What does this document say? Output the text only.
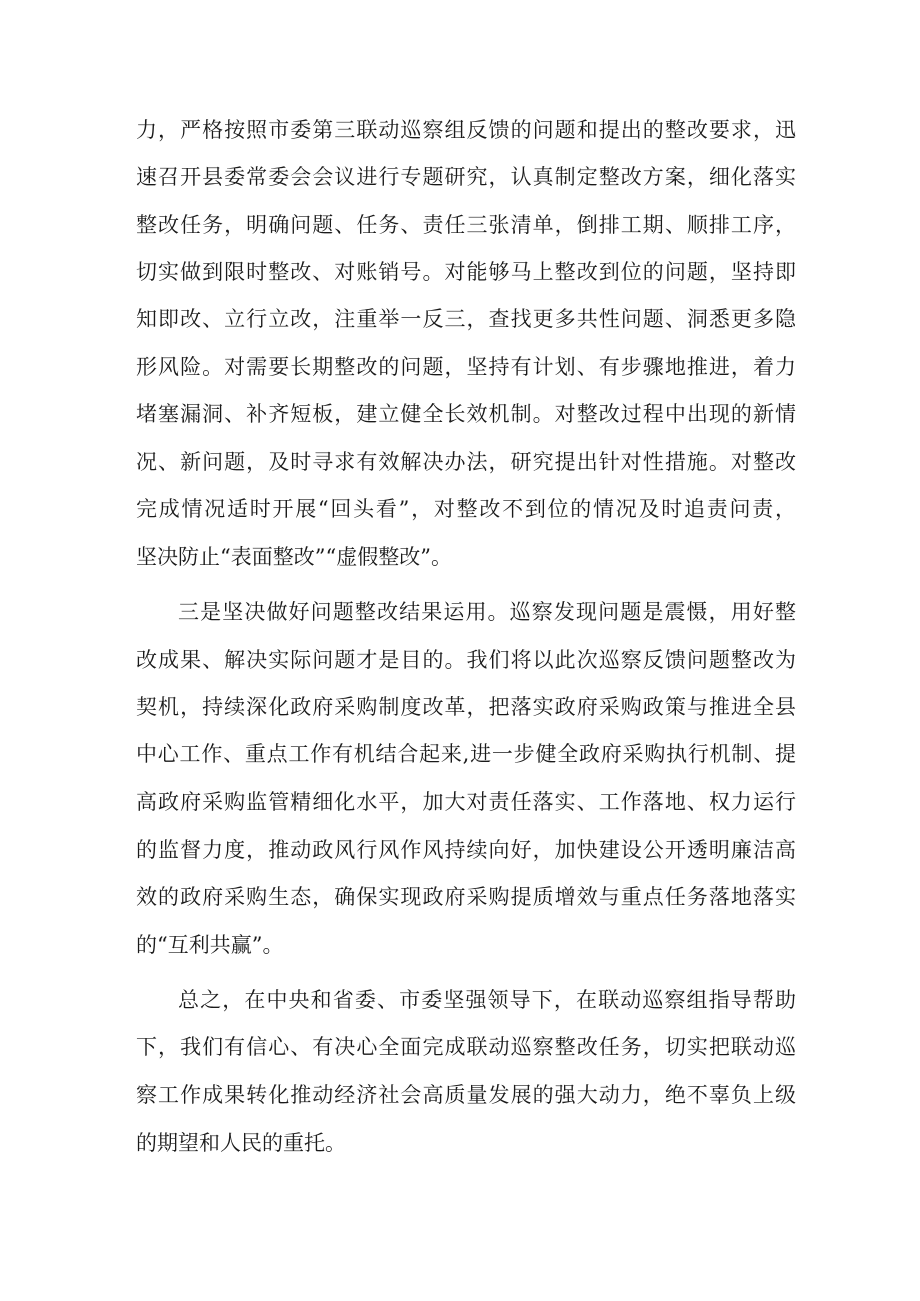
力，严格按照市委第三联动巡察组反馈的问题和提出的整改要求，迅

速召开县委常委会会议进行专题研究，认真制定整改方案，细化落实

整改任务，明确问题、任务、责任三张清单，倒排工期、顺排工序，

切实做到限时整改、对账销号。对能够马上整改到位的问题，坚持即

知即改、立行立改，注重举一反三，查找更多共性问题、洞悉更多隐

形风险。对需要长期整改的问题，坚持有计划、有步骤地推进，着力

堵塞漏洞、补齐短板，建立健全长效机制。对整改过程中出现的新情

况、新问题，及时寻求有效解决办法，研究提出针对性措施。对整改

完成情况适时开展“回头看”，对整改不到位的情况及时追责问责，

坚决防止“表面整改”“虚假整改”。

三是坚决做好问题整改结果运用。巡察发现问题是震慑，用好整

改成果、解决实际问题才是目的。我们将以此次巡察反馈问题整改为

契机，持续深化政府采购制度改革，把落实政府采购政策与推进全县

中心工作、重点工作有机结合起来,进一步健全政府采购执行机制、提

高政府采购监管精细化水平，加大对责任落实、工作落地、权力运行

的监督力度，推动政风行风作风持续向好，加快建设公开透明廉洁高

效的政府采购生态，确保实现政府采购提质增效与重点任务落地落实

的“互利共赢”。

总之，在中央和省委、市委坚强领导下，在联动巡察组指导帮助

下，我们有信心、有决心全面完成联动巡察整改任务，切实把联动巡

察工作成果转化推动经济社会高质量发展的强大动力，绝不辜负上级

的期望和人民的重托。
